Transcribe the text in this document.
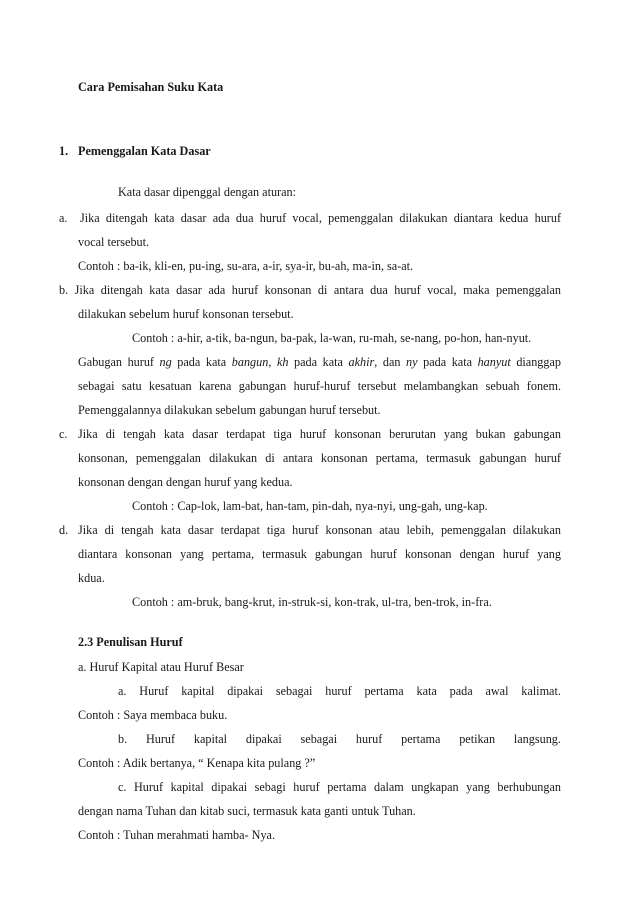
Cara Pemisahan Suku Kata
1. Pemenggalan Kata Dasar
Kata dasar dipenggal dengan aturan:
a. Jika ditengah kata dasar ada dua huruf vocal, pemenggalan dilakukan diantara kedua huruf
vocal tersebut.
Contoh : ba-ik, kli-en, pu-ing, su-ara, a-ir, sya-ir, bu-ah, ma-in, sa-at.
b. Jika ditengah kata dasar ada huruf konsonan di antara dua huruf vocal, maka pemenggalan
dilakukan sebelum huruf konsonan tersebut.
Contoh : a-hir, a-tik, ba-ngun, ba-pak, la-wan, ru-mah, se-nang, po-hon, han-nyut.
Gabugan huruf ng pada kata bangun, kh pada kata akhir, dan ny pada kata hanyut dianggap
sebagai satu kesatuan karena gabungan huruf-huruf tersebut melambangkan sebuah fonem.
Pemenggalannya dilakukan sebelum gabungan huruf tersebut.
c. Jika di tengah kata dasar terdapat tiga huruf konsonan berurutan yang bukan gabungan
konsonan, pemenggalan dilakukan di antara konsonan pertama, termasuk gabungan huruf
konsonan dengan dengan huruf yang kedua.
Contoh : Cap-lok, lam-bat, han-tam, pin-dah, nya-nyi, ung-gah, ung-kap.
d. Jika di tengah kata dasar terdapat tiga huruf konsonan atau lebih, pemenggalan dilakukan
diantara konsonan yang pertama, termasuk gabungan huruf konsonan dengan huruf yang
kdua.
Contoh : am-bruk, bang-krut, in-struk-si, kon-trak, ul-tra, ben-trok, in-fra.
2.3 Penulisan Huruf
a. Huruf Kapital atau Huruf Besar
a. Huruf kapital dipakai sebagai huruf pertama kata pada awal kalimat.
Contoh : Saya membaca buku.
b. Huruf kapital dipakai sebagai huruf pertama petikan langsung.
Contoh : Adik bertanya, “ Kenapa kita pulang ?”
c. Huruf kapital dipakai sebagi huruf pertama dalam ungkapan yang berhubungan
dengan nama Tuhan dan kitab suci, termasuk kata ganti untuk Tuhan.
Contoh : Tuhan merahmati hamba- Nya.
